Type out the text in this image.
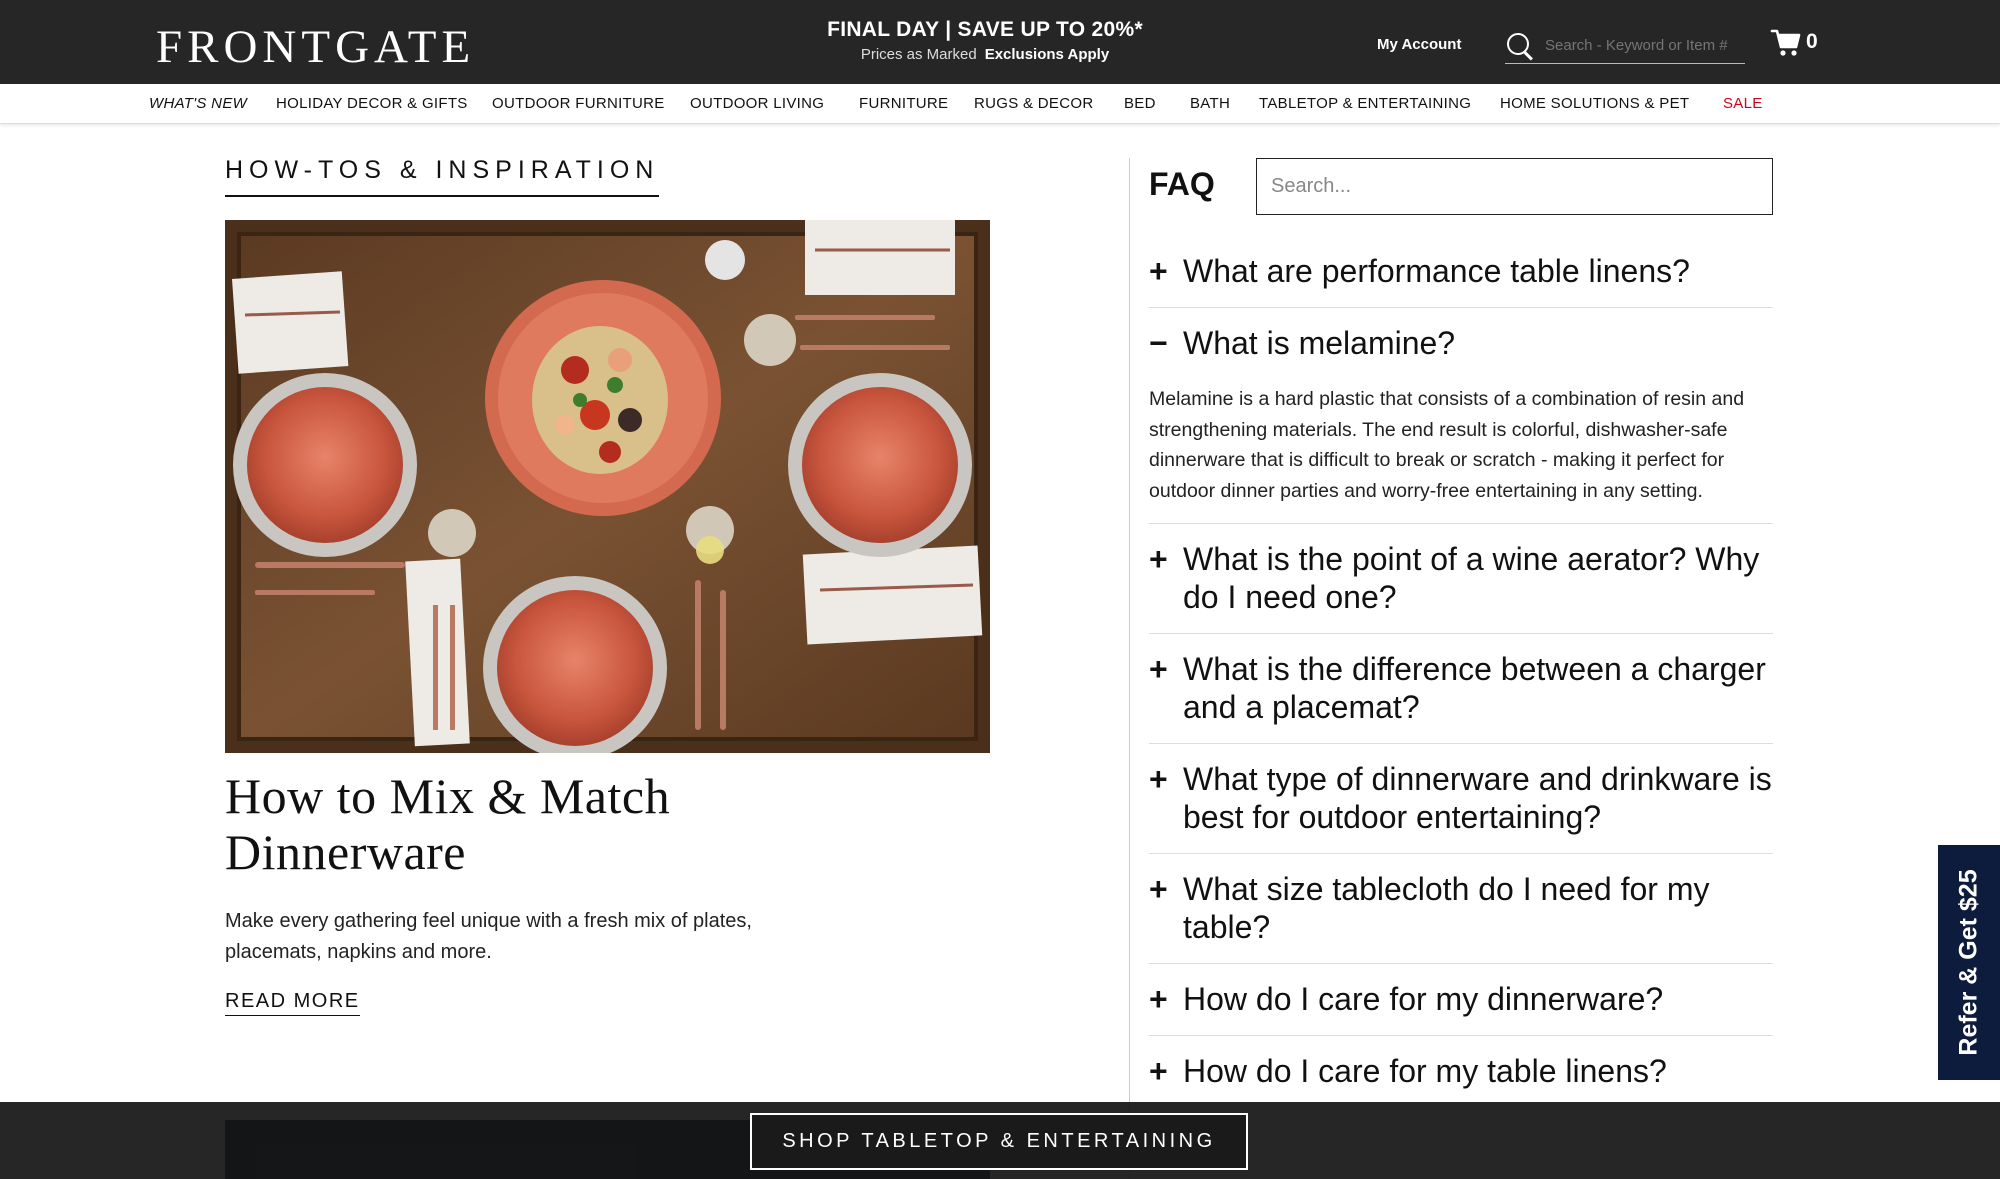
FRONTGATE	FINAL DAY | SAVE UP TO 20%*
Prices as Marked Exclusions Apply
My Account
Search - Keyword or Item #	0
WHAT'S NEW HOLIDAY DECOR & GIFTS OUTDOOR FURNITURE OUTDOOR LIVING FURNITURE RUGS & DECOR BED BATH TABLETOP & ENTERTAINING HOME SOLUTIONS & PET SALE
HOW-TOS & INSPIRATION
How to Mix & Match Dinnerware
Make every gathering feel unique with a fresh mix of plates, placemats, napkins and more.
READ MORE
FAQ
Search...
+ What are performance table linens?
− What is melamine?
Melamine is a hard plastic that consists of a combination of resin and strengthening materials. The end result is colorful, dishwasher-safe dinnerware that is difficult to break or scratch - making it perfect for outdoor dinner parties and worry-free entertaining in any setting.
+ What is the point of a wine aerator? Why do I need one?
+ What is the difference between a charger and a placemat?
+ What type of dinnerware and drinkware is best for outdoor entertaining?
+ What size tablecloth do I need for my table?
+ How do I care for my dinnerware?
+ How do I care for my table linens?
SHOP TABLETOP & ENTERTAINING
Refer & Get $25
